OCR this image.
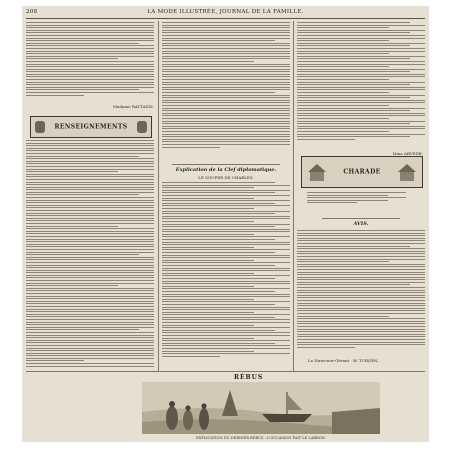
208	LA MODE ILLUSTRÉE, JOURNAL DE LA FAMILLE.
Madame RATTAZZI.
RENSEIGNEMENTS
Explication de la Clef diplomatique.
LE SOUPER DE CHARLES.
Mme ARVEDE.
CHARADE
AVIS.
Le Directeur-Gérant : W. TURGEN.
RÉBUS
EXPLICATION DU DERNIER RÉBUS : L'OCCASION FAIT LE LARRON.
